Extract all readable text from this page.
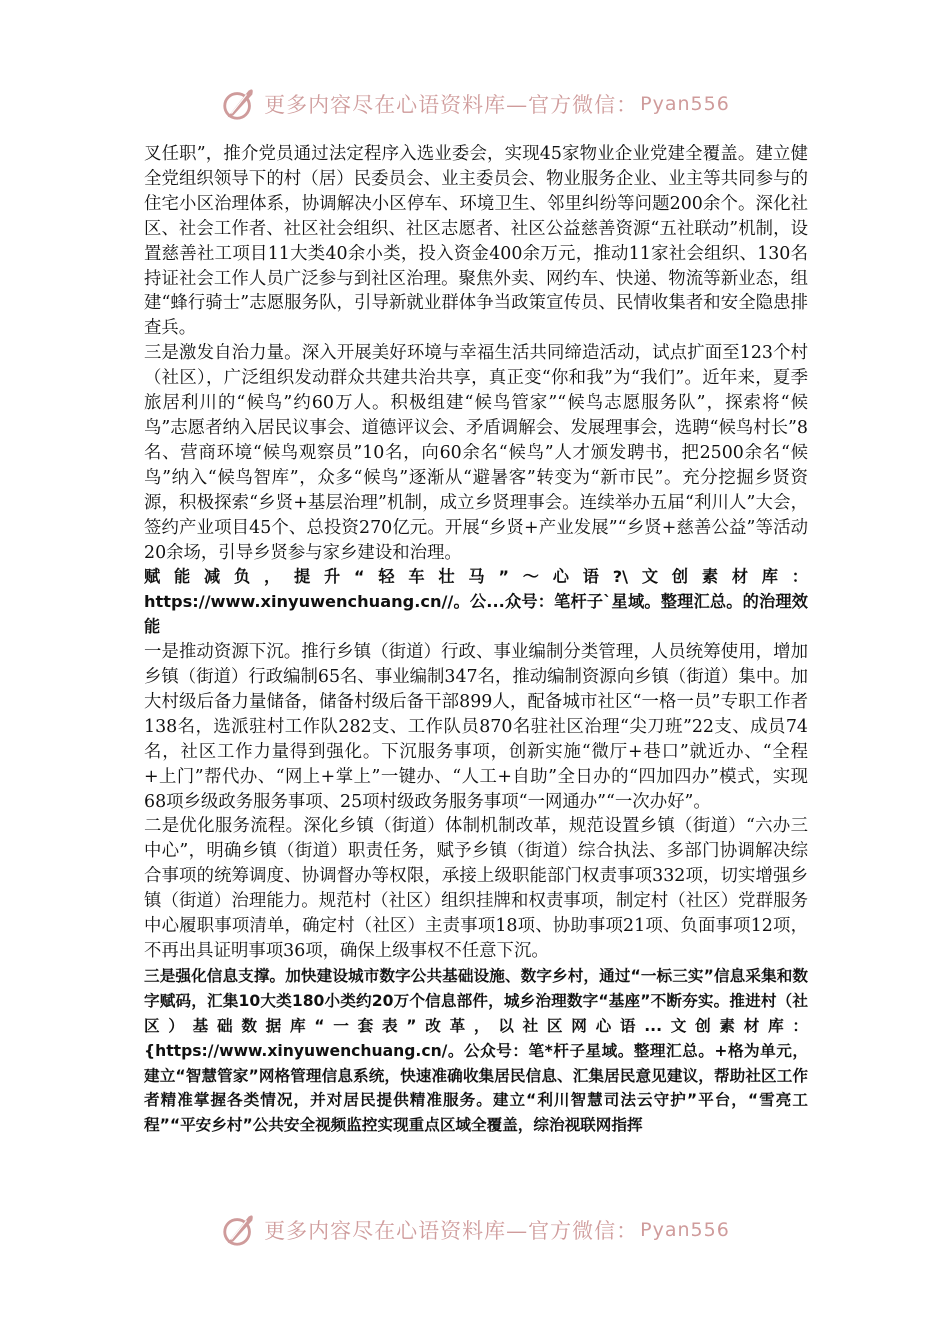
更多内容尽在心语资料库—官方微信： Pyan556

叉任职”，推介党员通过法定程序入选业委会，实现45家物业企业党建全覆盖。建立健全党组织领导下的村（居）民委员会、业主委员会、物业服务企业、业主等共同参与的住宅小区治理体系，协调解决小区停车、环境卫生、邻里纠纷等问题200余个。深化社区、社会工作者、社区社会组织、社区志愿者、社区公益慈善资源“五社联动”机制，设置慈善社工项目11大类40余小类，投入资金400余万元，推动11家社会组织、130名持证社会工作人员广泛参与到社区治理。聚焦外卖、网约车、快递、物流等新业态，组建“蜂行骑士”志愿服务队，引导新就业群体争当政策宣传员、民情收集者和安全隐患排查兵。

三是激发自治力量。深入开展美好环境与幸福生活共同缔造活动，试点扩面至123个村（社区），广泛组织发动群众共建共治共享，真正变“你和我”为“我们”。近年来，夏季旅居利川的“候鸟”约60万人。积极组建“候鸟管家”“候鸟志愿服务队”，探索将“候鸟”志愿者纳入居民议事会、道德评议会、矛盾调解会、发展理事会，选聘“候鸟村长”8名、营商环境“候鸟观察员”10名，向60余名“候鸟”人才颁发聘书，把2500余名“候鸟”纳入“候鸟智库”，众多“候鸟”逐渐从“避暑客”转变为“新市民”。充分挖掘乡贤资源，积极探索“乡贤+基层治理”机制，成立乡贤理事会。连续举办五届“利川人”大会，签约产业项目45个、总投资270亿元。开展“乡贤+产业发展”“乡贤+慈善公益”等活动20余场，引导乡贤参与家乡建设和治理。

赋能减负，提升“轻车壮马”～心语?\文创素材库：https://www.xinyuwenchuang.cn//。公...众号：笔杆子`星域。整理汇总。的治理效能

一是推动资源下沉。推行乡镇（街道）行政、事业编制分类管理，人员统筹使用，增加乡镇（街道）行政编制65名、事业编制347名，推动编制资源向乡镇（街道）集中。加大村级后备力量储备，储备村级后备干部899人，配备城市社区“一格一员”专职工作者138名，选派驻村工作队282支、工作队员870名驻社区治理“尖刀班”22支、成员74名，社区工作力量得到强化。下沉服务事项，创新实施“微厅+巷口”就近办、“全程+上门”帮代办、“网上+掌上”一键办、“人工+自助”全日办的“四加四办”模式，实现68项乡级政务服务事项、25项村级政务服务事项“一网通办”“一次办好”。

二是优化服务流程。深化乡镇（街道）体制机制改革，规范设置乡镇（街道）“六办三中心”，明确乡镇（街道）职责任务，赋予乡镇（街道）综合执法、多部门协调解决综合事项的统筹调度、协调督办等权限，承接上级职能部门权责事项332项，切实增强乡镇（街道）治理能力。规范村（社区）组织挂牌和权责事项，制定村（社区）党群服务中心履职事项清单，确定村（社区）主责事项18项、协助事项21项、负面事项12项，不再出具证明事项36项，确保上级事权不任意下沉。

三是强化信息支撑。加快建设城市数字公共基础设施、数字乡村，通过“一标三实”信息采集和数字赋码，汇集10大类180小类约20万个信息部件，城乡治理数字“基座”不断夯实。推进村（社区）基础数据库“一套表”改革，以社区网心语...文创素材库：{https://www.xinyuwenchuang.cn/。公众号：笔*杆子星域。整理汇总。+格为单元，建立“智慧管家”网格管理信息系统，快速准确收集居民信息、汇集居民意见建议，帮助社区工作者精准掌握各类情况，并对居民提供精准服务。建立“利川智慧司法云守护”平台，“雪亮工程”“平安乡村”公共安全视频监控实现重点区域全覆盖，综治视联网指挥

更多内容尽在心语资料库—官方微信： Pyan556
